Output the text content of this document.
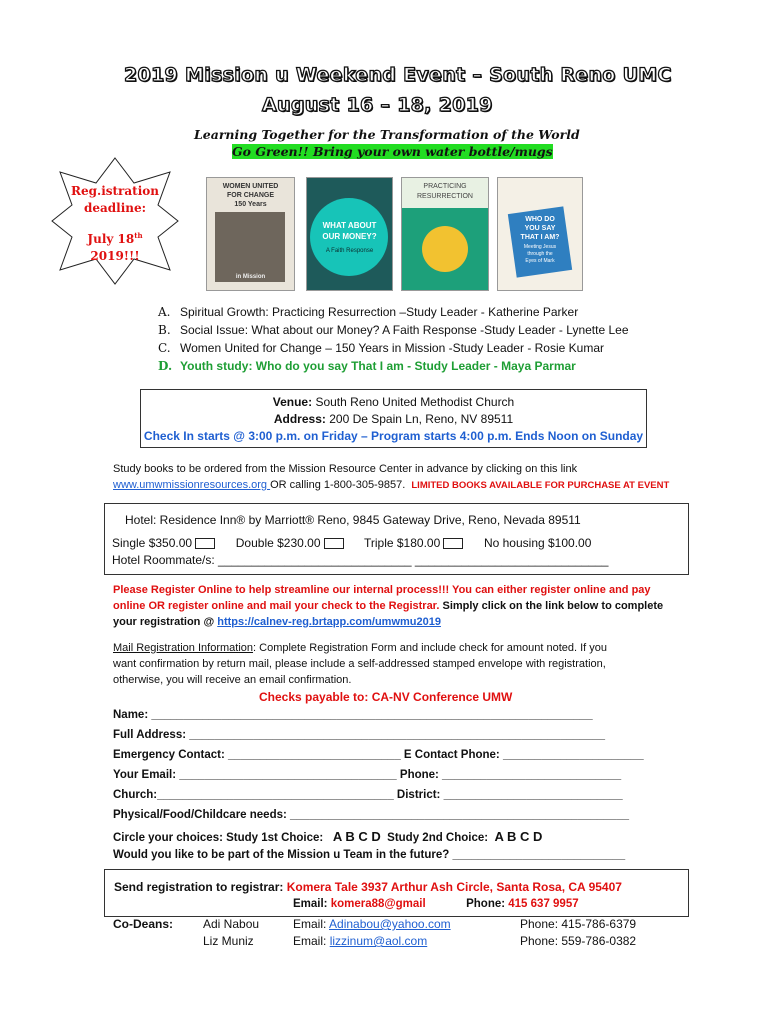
2019 Mission u Weekend Event – South Reno UMC
August 16 – 18, 2019
Learning Together for the Transformation of the World
Go Green!! Bring your own water bottle/mugs
Reg.istration
deadline:
July 18th
2019!!!
WOMEN UNITED
FOR CHANGE
150 Years
in Mission
WHAT ABOUT
OUR MONEY?
A Faith Response
PRACTICING
RESURRECTION
WHO DO
YOU SAY
THAT I AM?
Meeting Jesus
through the
Eyes of Mark
A. Spiritual Growth: Practicing Resurrection –Study Leader - Katherine Parker
B. Social Issue: What about our Money? A Faith Response -Study Leader - Lynette Lee
C. Women United for Change – 150 Years in Mission -Study Leader - Rosie Kumar
D. Youth study: Who do you say That I am - Study Leader - Maya Parmar
Venue: South Reno United Methodist Church
Address: 200 De Spain Ln, Reno, NV 89511
Check In starts @ 3:00 p.m. on Friday – Program starts 4:00 p.m. Ends Noon on Sunday
Study books to be ordered from the Mission Resource Center in advance by clicking on this link
www.umwmissionresources.org OR calling 1-800-305-9857. LIMITED BOOKS AVAILABLE FOR PURCHASE AT EVENT
Hotel: Residence Inn® by Marriott® Reno, 9845 Gateway Drive, Reno, Nevada 89511
Single $350.00	Double $230.00	Triple $180.00	No housing $100.00
Hotel Roommate/s: _____________________________ _____________________________
Please Register Online to help streamline our internal process!!! You can either register online and pay
online OR register online and mail your check to the Registrar. Simply click on the link below to complete
your registration @ https://calnev-reg.brtapp.com/umwmu2019
Mail Registration Information: Complete Registration Form and include check for amount noted. If you
want confirmation by return mail, please include a self-addressed stamped envelope with registration,
otherwise, you will receive an email confirmation.
Checks payable to: CA-NV Conference UMW
Name: _____________________________________________________________________
Full Address: _________________________________________________________________
Emergency Contact: ___________________________ E Contact Phone: ______________________
Your Email: __________________________________ Phone: ____________________________
Church:_____________________________________ District: ____________________________
Physical/Food/Childcare needs: _____________________________________________________
Circle your choices: Study 1st Choice: A B C D Study 2nd Choice: A B C D
Would you like to be part of the Mission u Team in the future? ___________________________
Send registration to registrar: Komera Tale 3937 Arthur Ash Circle, Santa Rosa, CA 95407
Email: komera88@gmail	Phone: 415 637 9957
Co-Deans: Adi Nabou	Email: Adinabou@yahoo.com	Phone: 415-786-6379
Liz Muniz	Email: lizzinum@aol.com	Phone: 559-786-0382
